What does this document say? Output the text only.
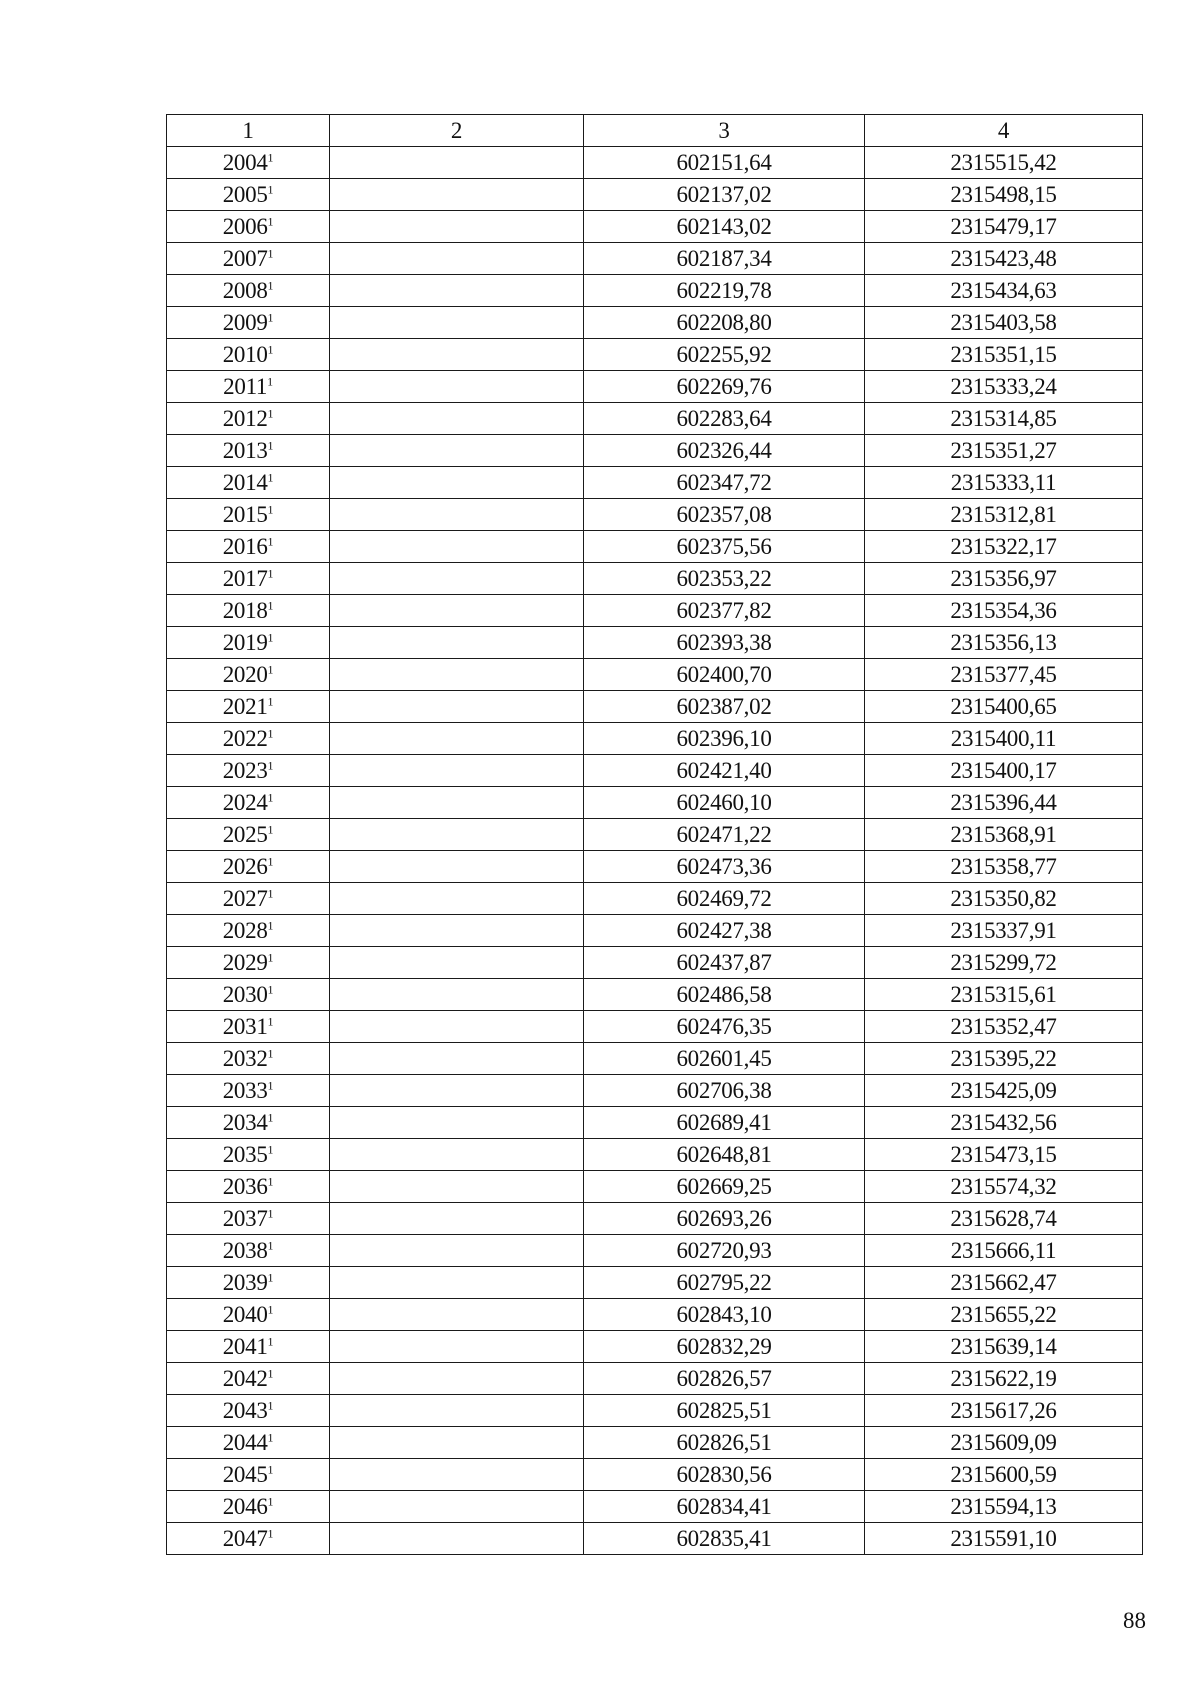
1	2	3	4
2004$^1$		602151,64	2315515,42
2005$^1$		602137,02	2315498,15
2006$^1$		602143,02	2315479,17
2007$^1$		602187,34	2315423,48
2008$^1$		602219,78	2315434,63
2009$^1$		602208,80	2315403,58
2010$^1$		602255,92	2315351,15
2011$^1$		602269,76	2315333,24
2012$^1$		602283,64	2315314,85
2013$^1$		602326,44	2315351,27
2014$^1$		602347,72	2315333,11
2015$^1$		602357,08	2315312,81
2016$^1$		602375,56	2315322,17
2017$^1$		602353,22	2315356,97
2018$^1$		602377,82	2315354,36
2019$^1$		602393,38	2315356,13
2020$^1$		602400,70	2315377,45
2021$^1$		602387,02	2315400,65
2022$^1$		602396,10	2315400,11
2023$^1$		602421,40	2315400,17
2024$^1$		602460,10	2315396,44
2025$^1$		602471,22	2315368,91
2026$^1$		602473,36	2315358,77
2027$^1$		602469,72	2315350,82
2028$^1$		602427,38	2315337,91
2029$^1$		602437,87	2315299,72
2030$^1$		602486,58	2315315,61
2031$^1$		602476,35	2315352,47
2032$^1$		602601,45	2315395,22
2033$^1$		602706,38	2315425,09
2034$^1$		602689,41	2315432,56
2035$^1$		602648,81	2315473,15
2036$^1$		602669,25	2315574,32
2037$^1$		602693,26	2315628,74
2038$^1$		602720,93	2315666,11
2039$^1$		602795,22	2315662,47
2040$^1$		602843,10	2315655,22
2041$^1$		602832,29	2315639,14
2042$^1$		602826,57	2315622,19
2043$^1$		602825,51	2315617,26
2044$^1$		602826,51	2315609,09
2045$^1$		602830,56	2315600,59
2046$^1$		602834,41	2315594,13
2047$^1$		602835,41	2315591,10
88
